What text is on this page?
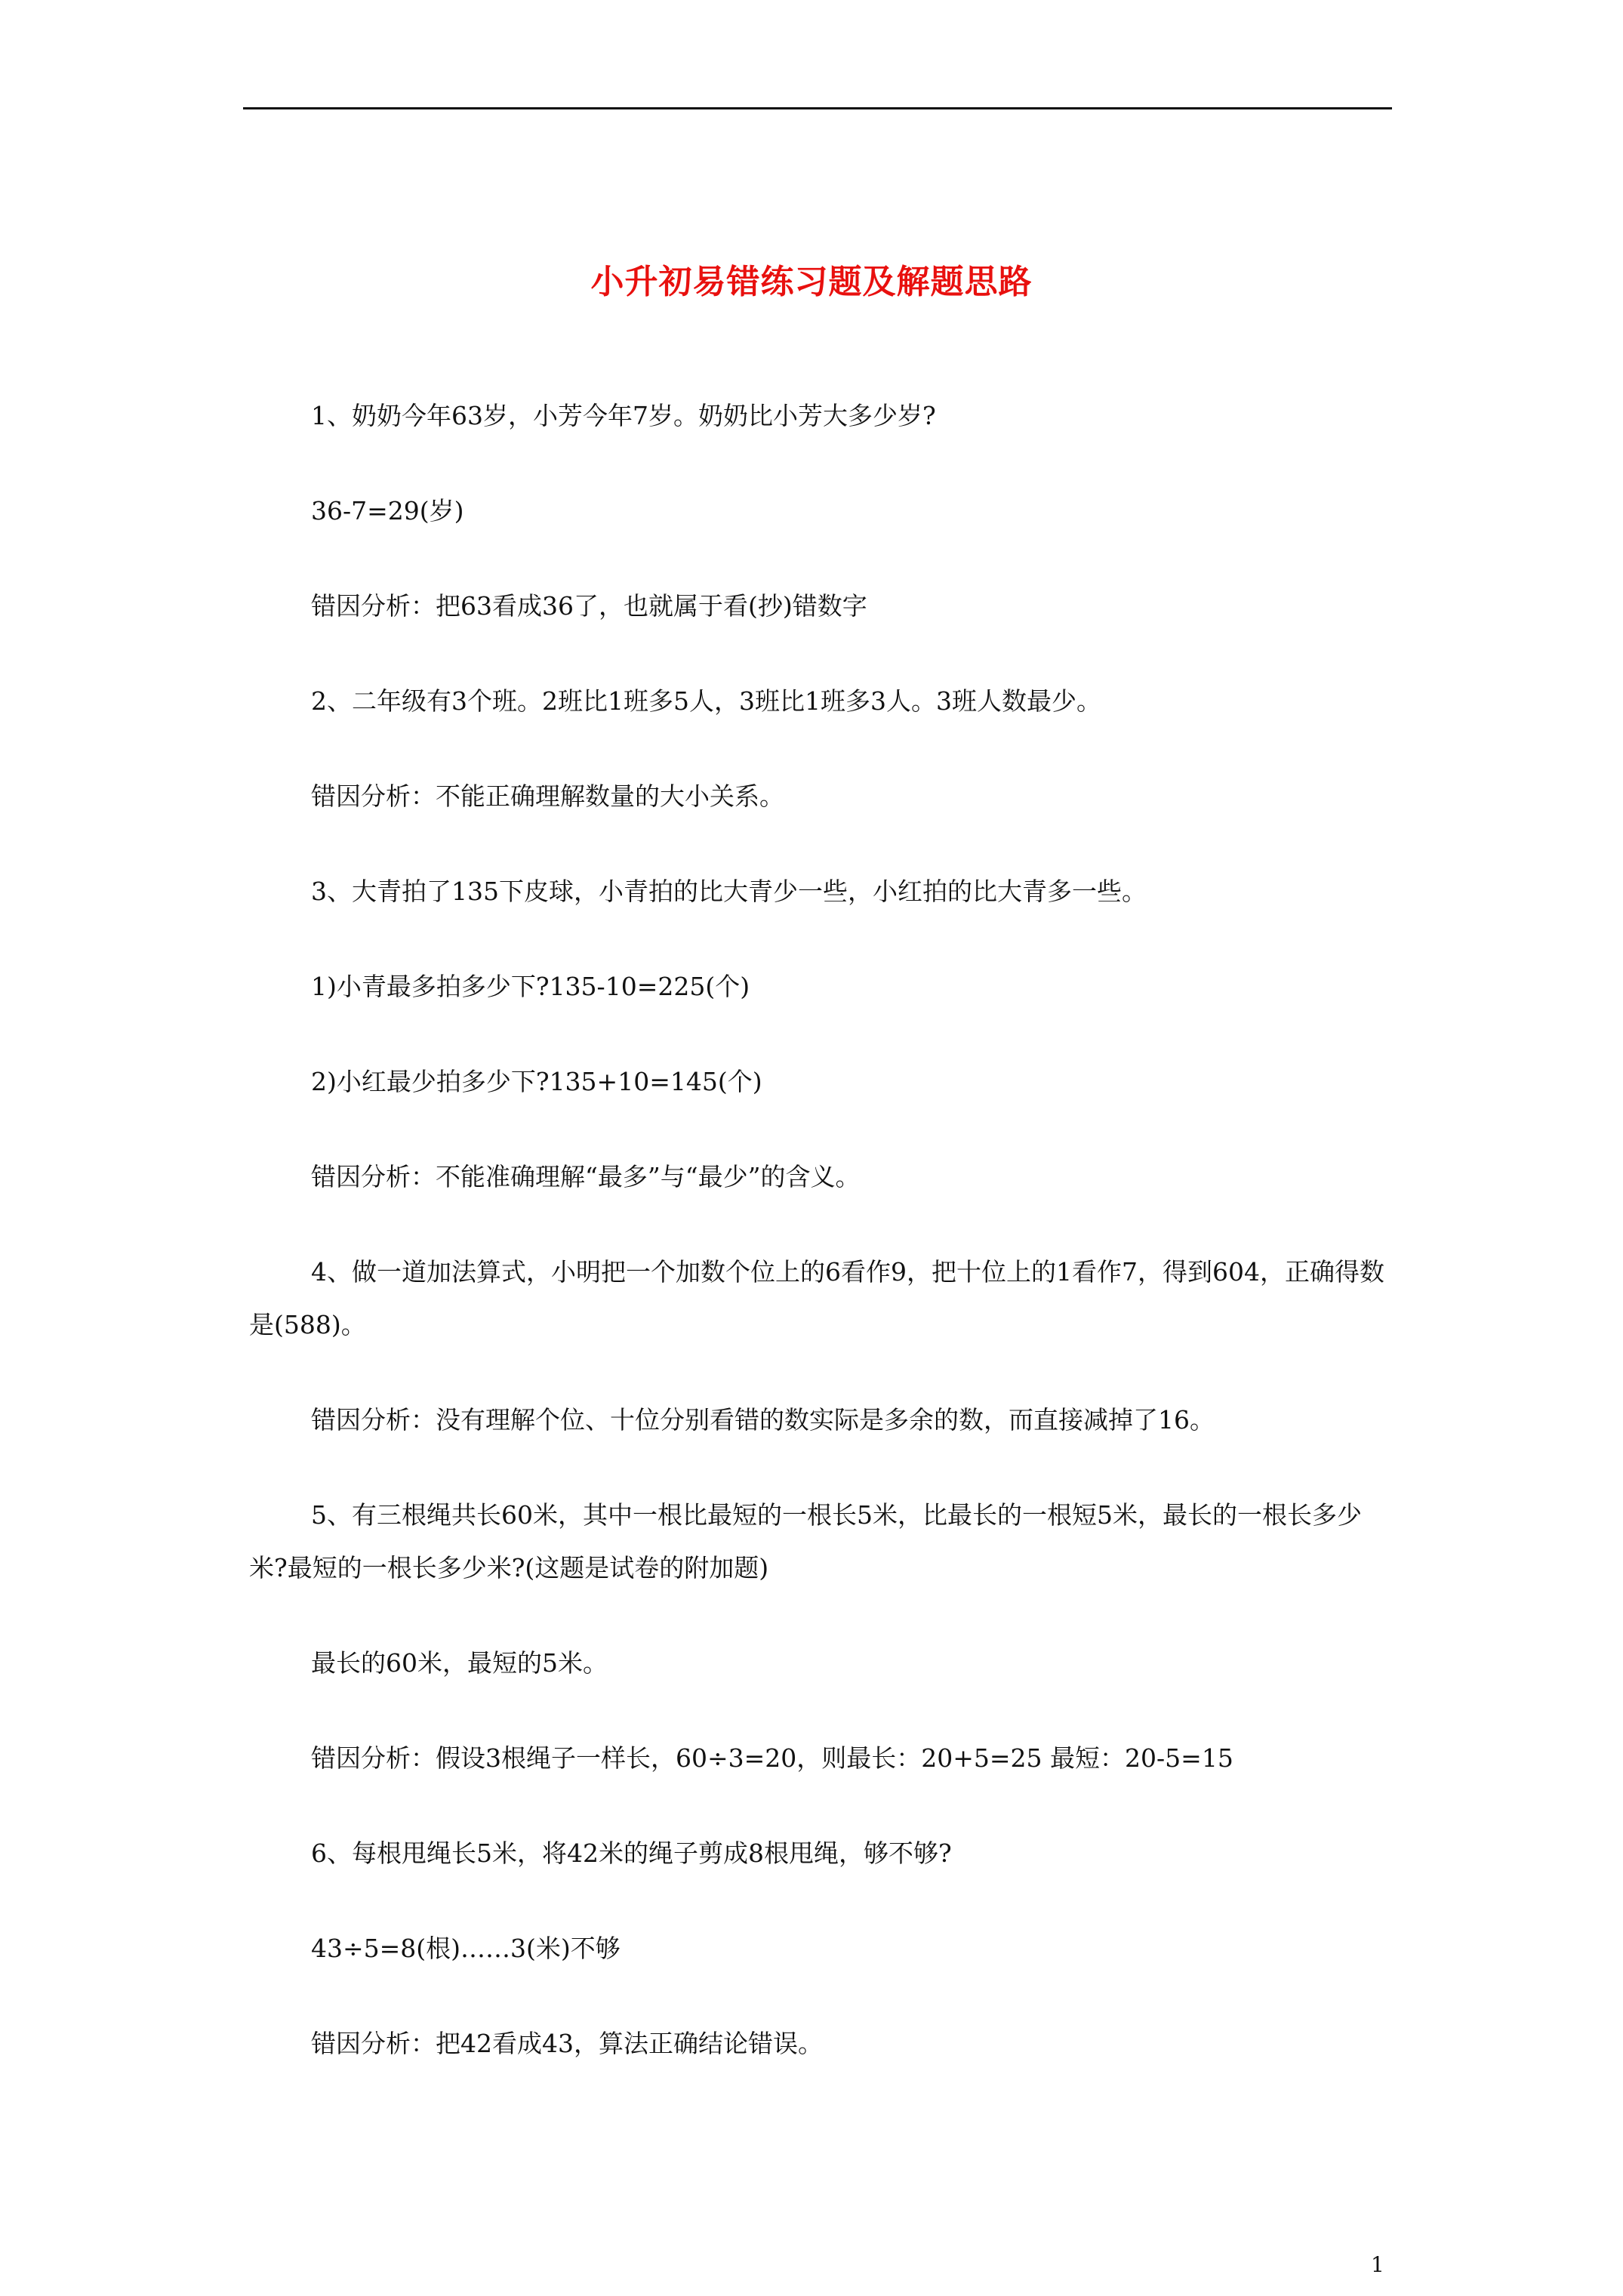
小升初易错练习题及解题思路
1、奶奶今年63岁，小芳今年7岁。奶奶比小芳大多少岁?
36-7=29(岁)
错因分析：把63看成36了，也就属于看(抄)错数字
2、二年级有3个班。2班比1班多5人，3班比1班多3人。3班人数最少。
错因分析：不能正确理解数量的大小关系。
3、大青拍了135下皮球，小青拍的比大青少一些，小红拍的比大青多一些。
1)小青最多拍多少下?135-10=225(个)
2)小红最少拍多少下?135+10=145(个)
错因分析：不能准确理解“最多”与“最少”的含义。
4、做一道加法算式，小明把一个加数个位上的6看作9，把十位上的1看作7，得到604，正确得数是(588)。
错因分析：没有理解个位、十位分别看错的数实际是多余的数，而直接减掉了16。
5、有三根绳共长60米，其中一根比最短的一根长5米，比最长的一根短5米，最长的一根长多少米?最短的一根长多少米?(这题是试卷的附加题)
最长的60米，最短的5米。
错因分析：假设3根绳子一样长，60÷3=20，则最长：20+5=25 最短：20-5=15
6、每根甩绳长5米，将42米的绳子剪成8根甩绳，够不够?
43÷5=8(根)……3(米)不够
错因分析：把42看成43，算法正确结论错误。
1
